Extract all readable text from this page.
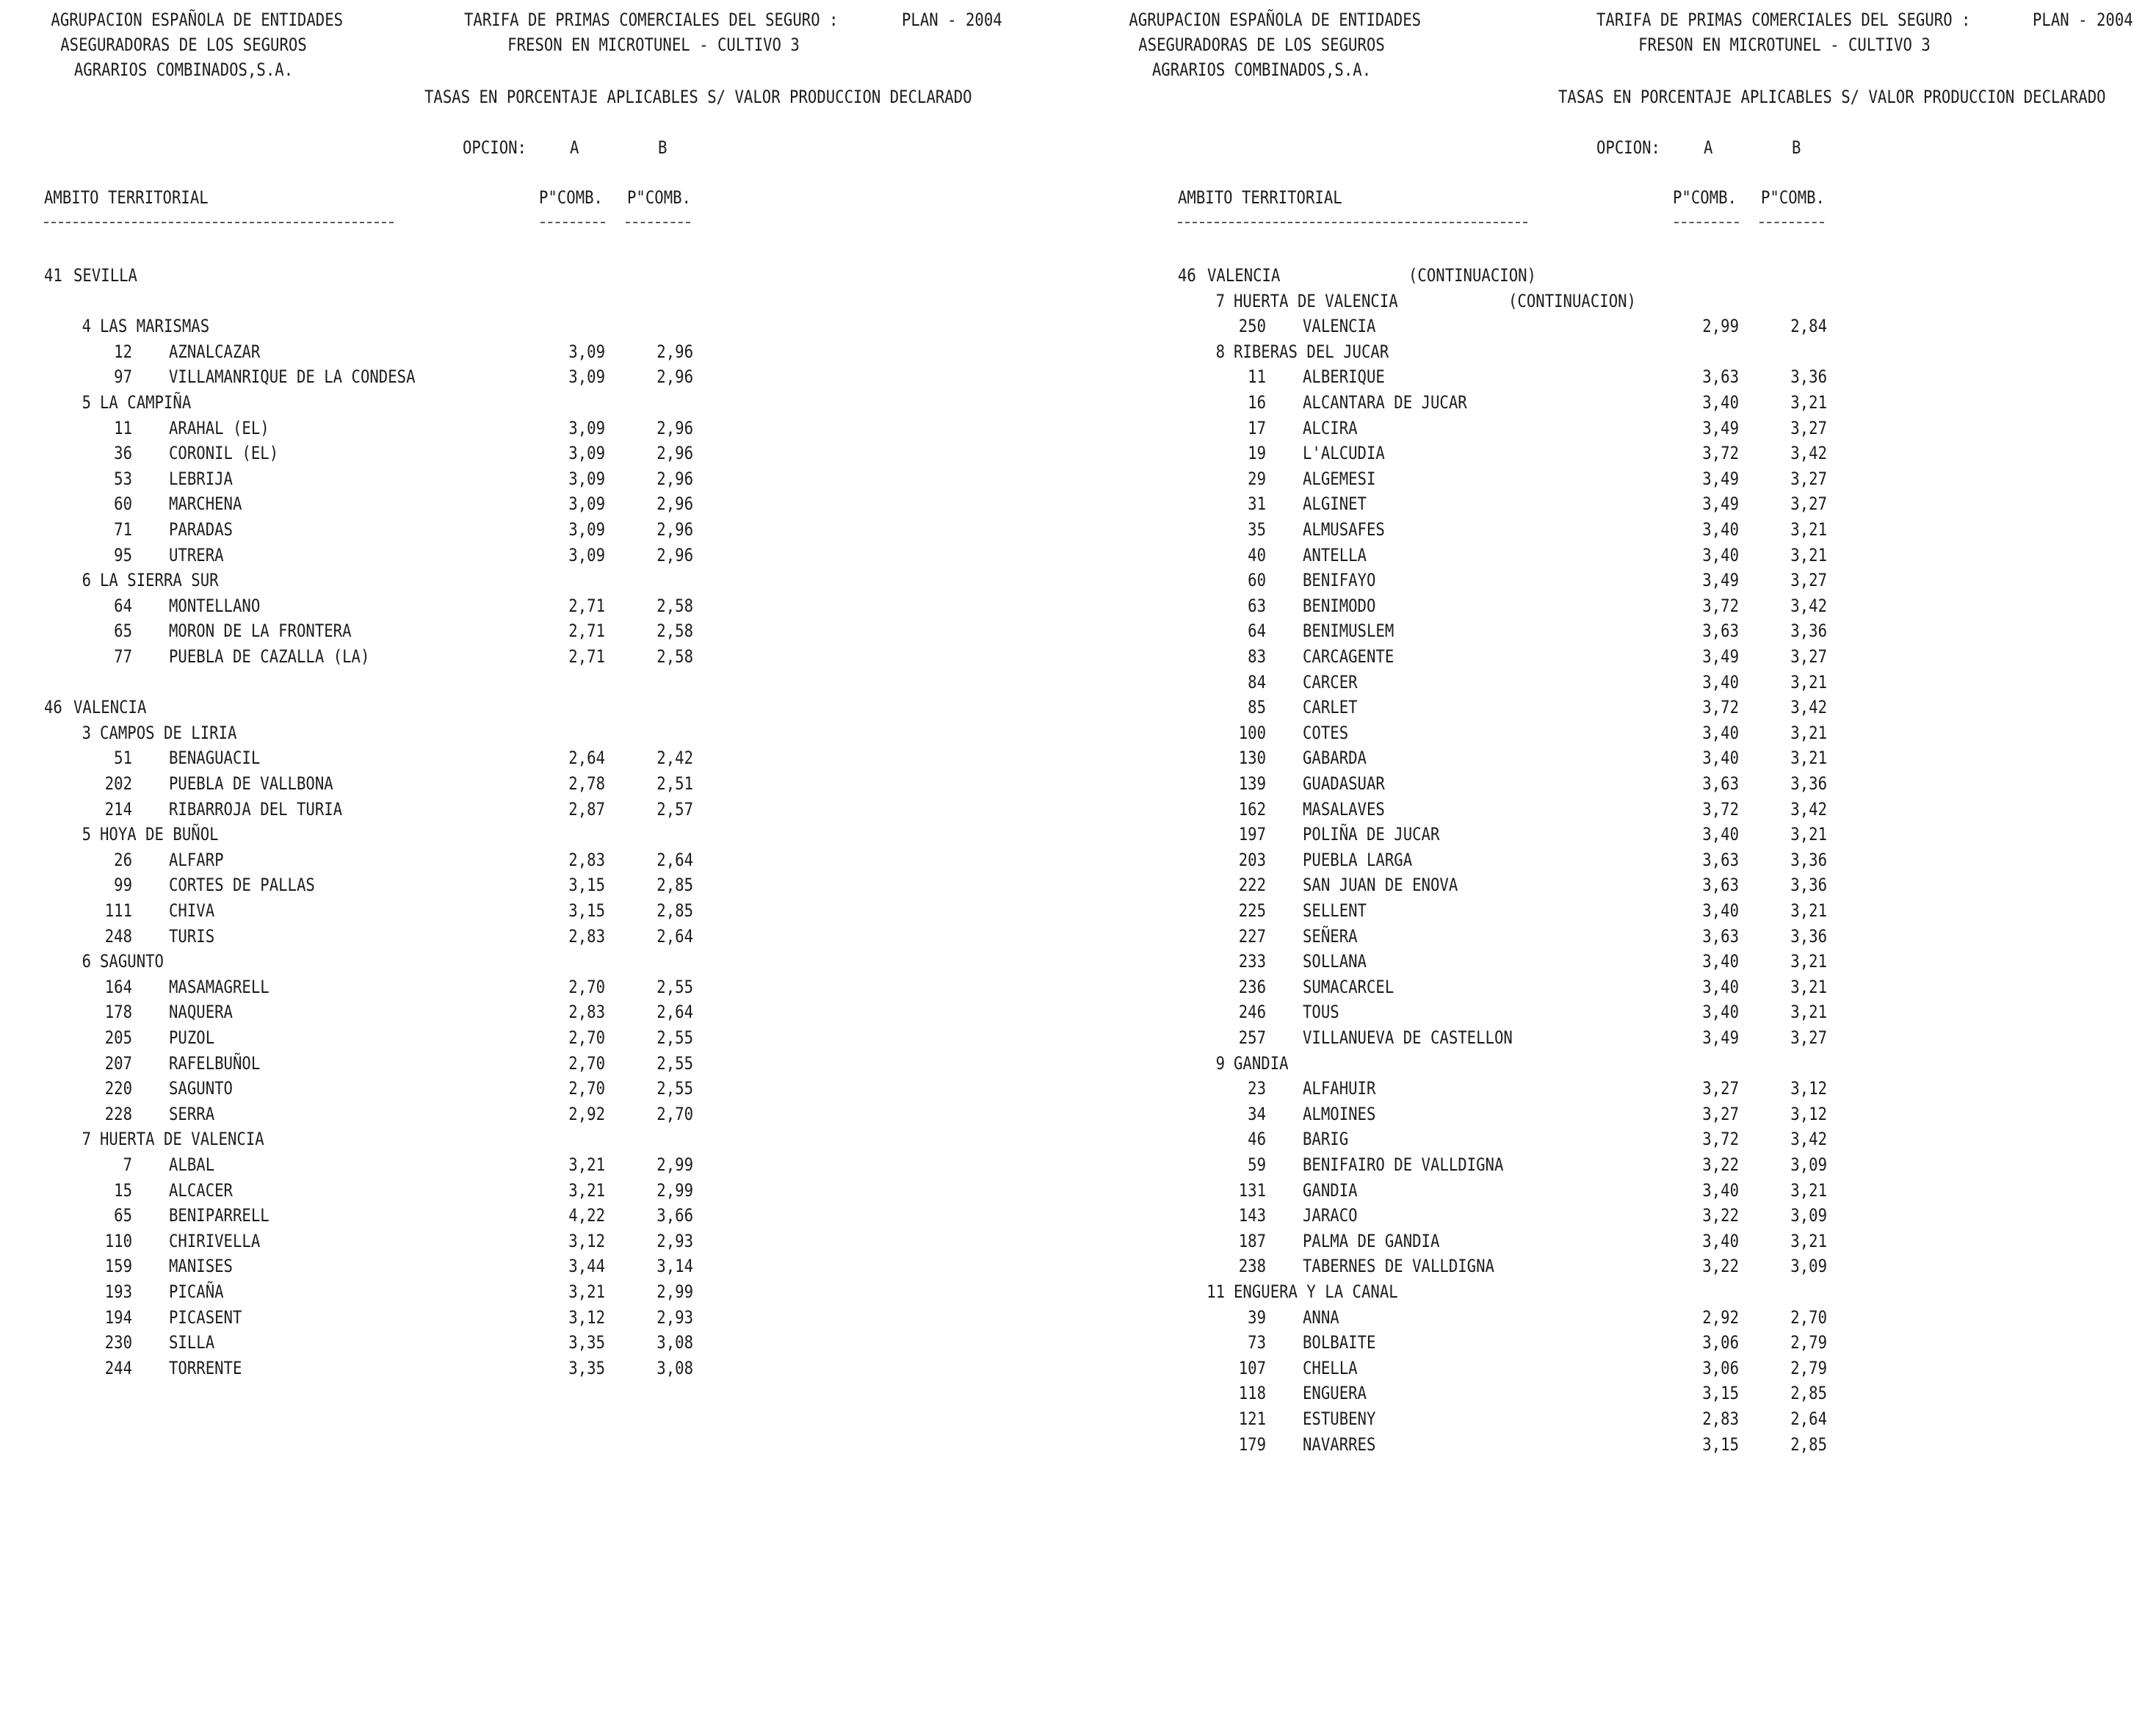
AGRUPACION ESPAÑOLA DE ENTIDADES
ASEGURADORAS DE LOS SEGUROS
AGRARIOS COMBINADOS,S.A.
TARIFA DE PRIMAS COMERCIALES DEL SEGURO :	PLAN - 2004
FRESON EN MICROTUNEL - CULTIVO 3
TASAS EN PORCENTAJE APLICABLES S/ VALOR PRODUCCION DECLARADO
OPCION: A	B
AMBITO TERRITORIAL	P"COMB. P"COMB.
41 SEVILLA
4 LAS MARISMAS
12 AZNALCAZAR	3,09	2,96
97 VILLAMANRIQUE DE LA CONDESA	3,09	2,96
5 LA CAMPIÑA
11 ARAHAL (EL)	3,09	2,96
36 CORONIL (EL)	3,09	2,96
53 LEBRIJA	3,09	2,96
60 MARCHENA	3,09	2,96
71 PARADAS	3,09	2,96
95 UTRERA	3,09	2,96
6 LA SIERRA SUR
64 MONTELLANO	2,71	2,58
65 MORON DE LA FRONTERA	2,71	2,58
77 PUEBLA DE CAZALLA (LA)	2,71	2,58
46 VALENCIA
3 CAMPOS DE LIRIA
51 BENAGUACIL	2,64	2,42
202 PUEBLA DE VALLBONA	2,78	2,51
214 RIBARROJA DEL TURIA	2,87	2,57
5 HOYA DE BUÑOL
26 ALFARP	2,83	2,64
99 CORTES DE PALLAS	3,15	2,85
111 CHIVA	3,15	2,85
248 TURIS	2,83	2,64
6 SAGUNTO
164 MASAMAGRELL	2,70	2,55
178 NAQUERA	2,83	2,64
205 PUZOL	2,70	2,55
207 RAFELBUÑOL	2,70	2,55
220 SAGUNTO	2,70	2,55
228 SERRA	2,92	2,70
7 HUERTA DE VALENCIA
7 ALBAL	3,21	2,99
15 ALCACER	3,21	2,99
65 BENIPARRELL	4,22	3,66
110 CHIRIVELLA	3,12	2,93
159 MANISES	3,44	3,14
193 PICAÑA	3,21	2,99
194 PICASENT	3,12	2,93
230 SILLA	3,35	3,08
244 TORRENTE	3,35	3,08
AGRUPACION ESPAÑOLA DE ENTIDADES
ASEGURADORAS DE LOS SEGUROS
AGRARIOS COMBINADOS,S.A.
TARIFA DE PRIMAS COMERCIALES DEL SEGURO :	PLAN - 2004
FRESON EN MICROTUNEL - CULTIVO 3
TASAS EN PORCENTAJE APLICABLES S/ VALOR PRODUCCION DECLARADO
OPCION: A	B
AMBITO TERRITORIAL	P"COMB. P"COMB.
46 VALENCIA	(CONTINUACION)
7 HUERTA DE VALENCIA	(CONTINUACION)
250 VALENCIA	2,99	2,84
8 RIBERAS DEL JUCAR
11 ALBERIQUE	3,63	3,36
16 ALCANTARA DE JUCAR	3,40	3,21
17 ALCIRA	3,49	3,27
19 L'ALCUDIA	3,72	3,42
29 ALGEMESI	3,49	3,27
31 ALGINET	3,49	3,27
35 ALMUSAFES	3,40	3,21
40 ANTELLA	3,40	3,21
60 BENIFAYO	3,49	3,27
63 BENIMODO	3,72	3,42
64 BENIMUSLEM	3,63	3,36
83 CARCAGENTE	3,49	3,27
84 CARCER	3,40	3,21
85 CARLET	3,72	3,42
100 COTES	3,40	3,21
130 GABARDA	3,40	3,21
139 GUADASUAR	3,63	3,36
162 MASALAVES	3,72	3,42
197 POLIÑA DE JUCAR	3,40	3,21
203 PUEBLA LARGA	3,63	3,36
222 SAN JUAN DE ENOVA	3,63	3,36
225 SELLENT	3,40	3,21
227 SEÑERA	3,63	3,36
233 SOLLANA	3,40	3,21
236 SUMACARCEL	3,40	3,21
246 TOUS	3,40	3,21
257 VILLANUEVA DE CASTELLON	3,49	3,27
9 GANDIA
23 ALFAHUIR	3,27	3,12
34 ALMOINES	3,27	3,12
46 BARIG	3,72	3,42
59 BENIFAIRO DE VALLDIGNA	3,22	3,09
131 GANDIA	3,40	3,21
143 JARACO	3,22	3,09
187 PALMA DE GANDIA	3,40	3,21
238 TABERNES DE VALLDIGNA	3,22	3,09
11 ENGUERA Y LA CANAL
39 ANNA	2,92	2,70
73 BOLBAITE	3,06	2,79
107 CHELLA	3,06	2,79
118 ENGUERA	3,15	2,85
121 ESTUBENY	2,83	2,64
179 NAVARRES	3,15	2,85
